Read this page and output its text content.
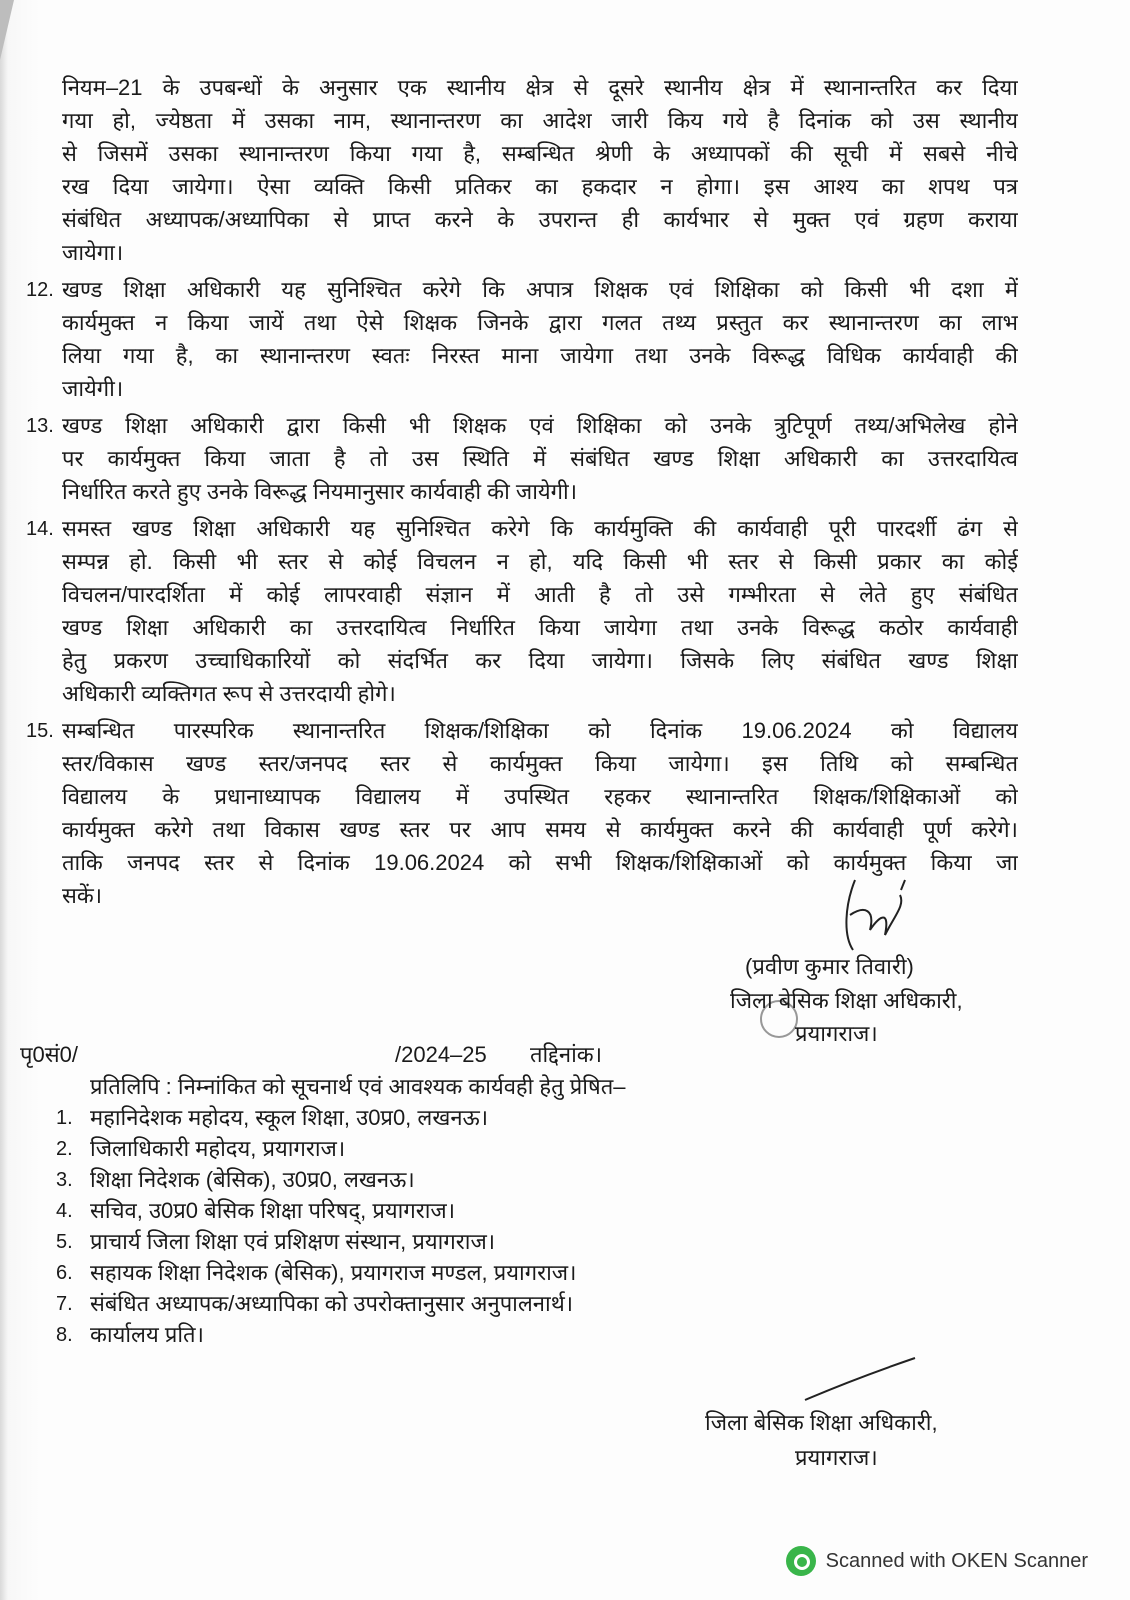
नियम–21 के उपबन्धों के अनुसार एक स्थानीय क्षेत्र से दूसरे स्थानीय क्षेत्र में स्थानान्तरित कर दिया
गया हो, ज्येष्ठता में उसका नाम, स्थानान्तरण का आदेश जारी किय गये है दिनांक को उस स्थानीय
से जिसमें उसका स्थानान्तरण किया गया है, सम्बन्धित श्रेणी के अध्यापकों की सूची में सबसे नीचे
रख दिया जायेगा। ऐसा व्यक्ति किसी प्रतिकर का हकदार न होगा। इस आश्य का शपथ पत्र
संबंधित अध्यापक/अध्यापिका से प्राप्त करने के उपरान्त ही कार्यभार से मुक्त एवं ग्रहण कराया
जायेगा।
12. खण्ड शिक्षा अधिकारी यह सुनिश्चित करेगे कि अपात्र शिक्षक एवं शिक्षिका को किसी भी दशा में
कार्यमुक्त न किया जायें तथा ऐसे शिक्षक जिनके द्वारा गलत तथ्य प्रस्तुत कर स्थानान्तरण का लाभ
लिया गया है, का स्थानान्तरण स्वतः निरस्त माना जायेगा तथा उनके विरूद्ध विधिक कार्यवाही की
जायेगी।
13. खण्ड शिक्षा अधिकारी द्वारा किसी भी शिक्षक एवं शिक्षिका को उनके त्रुटिपूर्ण तथ्य/अभिलेख होने
पर कार्यमुक्त किया जाता है तो उस स्थिति में संबंधित खण्ड शिक्षा अधिकारी का उत्तरदायित्व
निर्धारित करते हुए उनके विरूद्ध नियमानुसार कार्यवाही की जायेगी।
14. समस्त खण्ड शिक्षा अधिकारी यह सुनिश्चित करेगे कि कार्यमुक्ति की कार्यवाही पूरी पारदर्शी ढंग से
सम्पन्न हो. किसी भी स्तर से कोई विचलन न हो, यदि किसी भी स्तर से किसी प्रकार का कोई
विचलन/पारदर्शिता में कोई लापरवाही संज्ञान में आती है तो उसे गम्भीरता से लेते हुए संबंधित
खण्ड शिक्षा अधिकारी का उत्तरदायित्व निर्धारित किया जायेगा तथा उनके विरूद्ध कठोर कार्यवाही
हेतु प्रकरण उच्चाधिकारियों को संदर्भित कर दिया जायेगा। जिसके लिए संबंधित खण्ड शिक्षा
अधिकारी व्यक्तिगत रूप से उत्तरदायी होगे।
15. सम्बन्धित पारस्परिक स्थानान्तरित शिक्षक/शिक्षिका को दिनांक 19.06.2024 को विद्यालय
स्तर/विकास खण्ड स्तर/जनपद स्तर से कार्यमुक्त किया जायेगा। इस तिथि को सम्बन्धित
विद्यालय के प्रधानाध्यापक विद्यालय में उपस्थित रहकर स्थानान्तरित शिक्षक/शिक्षिकाओं को
कार्यमुक्त करेगे तथा विकास खण्ड स्तर पर आप समय से कार्यमुक्त करने की कार्यवाही पूर्ण करेगे।
ताकि जनपद स्तर से दिनांक 19.06.2024 को सभी शिक्षक/शिक्षिकाओं को कार्यमुक्त किया जा
सकें।
(प्रवीण कुमार तिवारी)
जिला बेसिक शिक्षा अधिकारी,
प्रयागराज।
पृ0सं0/	/2024–25 तद्दिनांक।
प्रतिलिपि : निम्नांकित को सूचनार्थ एवं आवश्यक कार्यवही हेतु प्रेषित–
1. महानिदेशक महोदय, स्कूल शिक्षा, उ0प्र0, लखनऊ।
2. जिलाधिकारी महोदय, प्रयागराज।
3. शिक्षा निदेशक (बेसिक), उ0प्र0, लखनऊ।
4. सचिव, उ0प्र0 बेसिक शिक्षा परिषद्, प्रयागराज।
5. प्राचार्य जिला शिक्षा एवं प्रशिक्षण संस्थान, प्रयागराज।
6. सहायक शिक्षा निदेशक (बेसिक), प्रयागराज मण्डल, प्रयागराज।
7. संबंधित अध्यापक/अध्यापिका को उपरोक्तानुसार अनुपालनार्थ।
8. कार्यालय प्रति।
जिला बेसिक शिक्षा अधिकारी,
प्रयागराज।
Scanned with OKEN Scanner
